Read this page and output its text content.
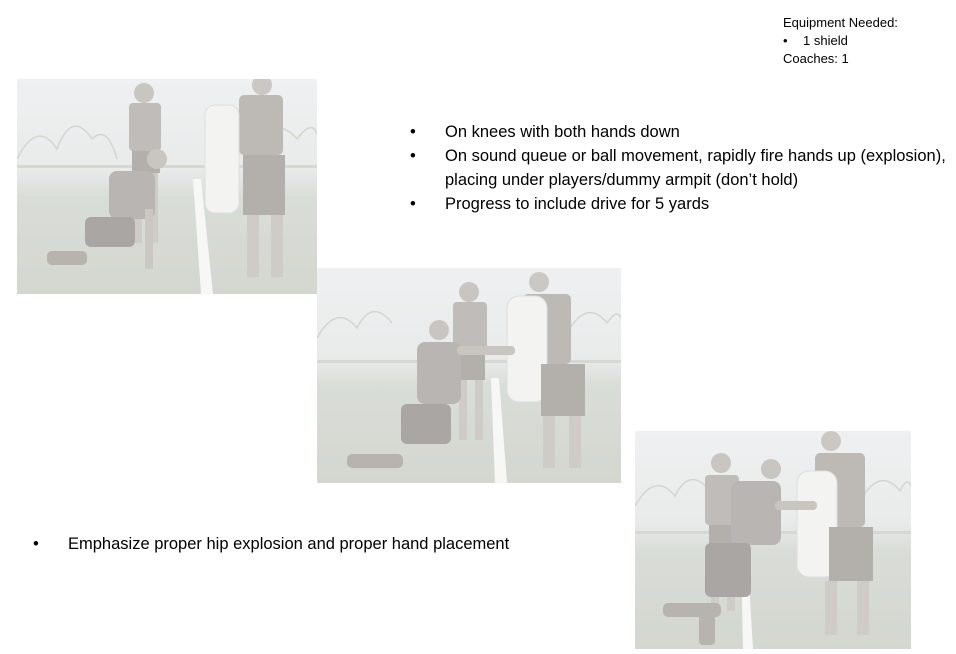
Equipment Needed:
• 1 shield
Coaches: 1
• On knees with both hands down
• On sound queue or ball movement, rapidly fire hands up (explosion), placing under players/dummy armpit (don’t hold)
• Progress to include drive for 5 yards
• Emphasize proper hip explosion and proper hand placement
